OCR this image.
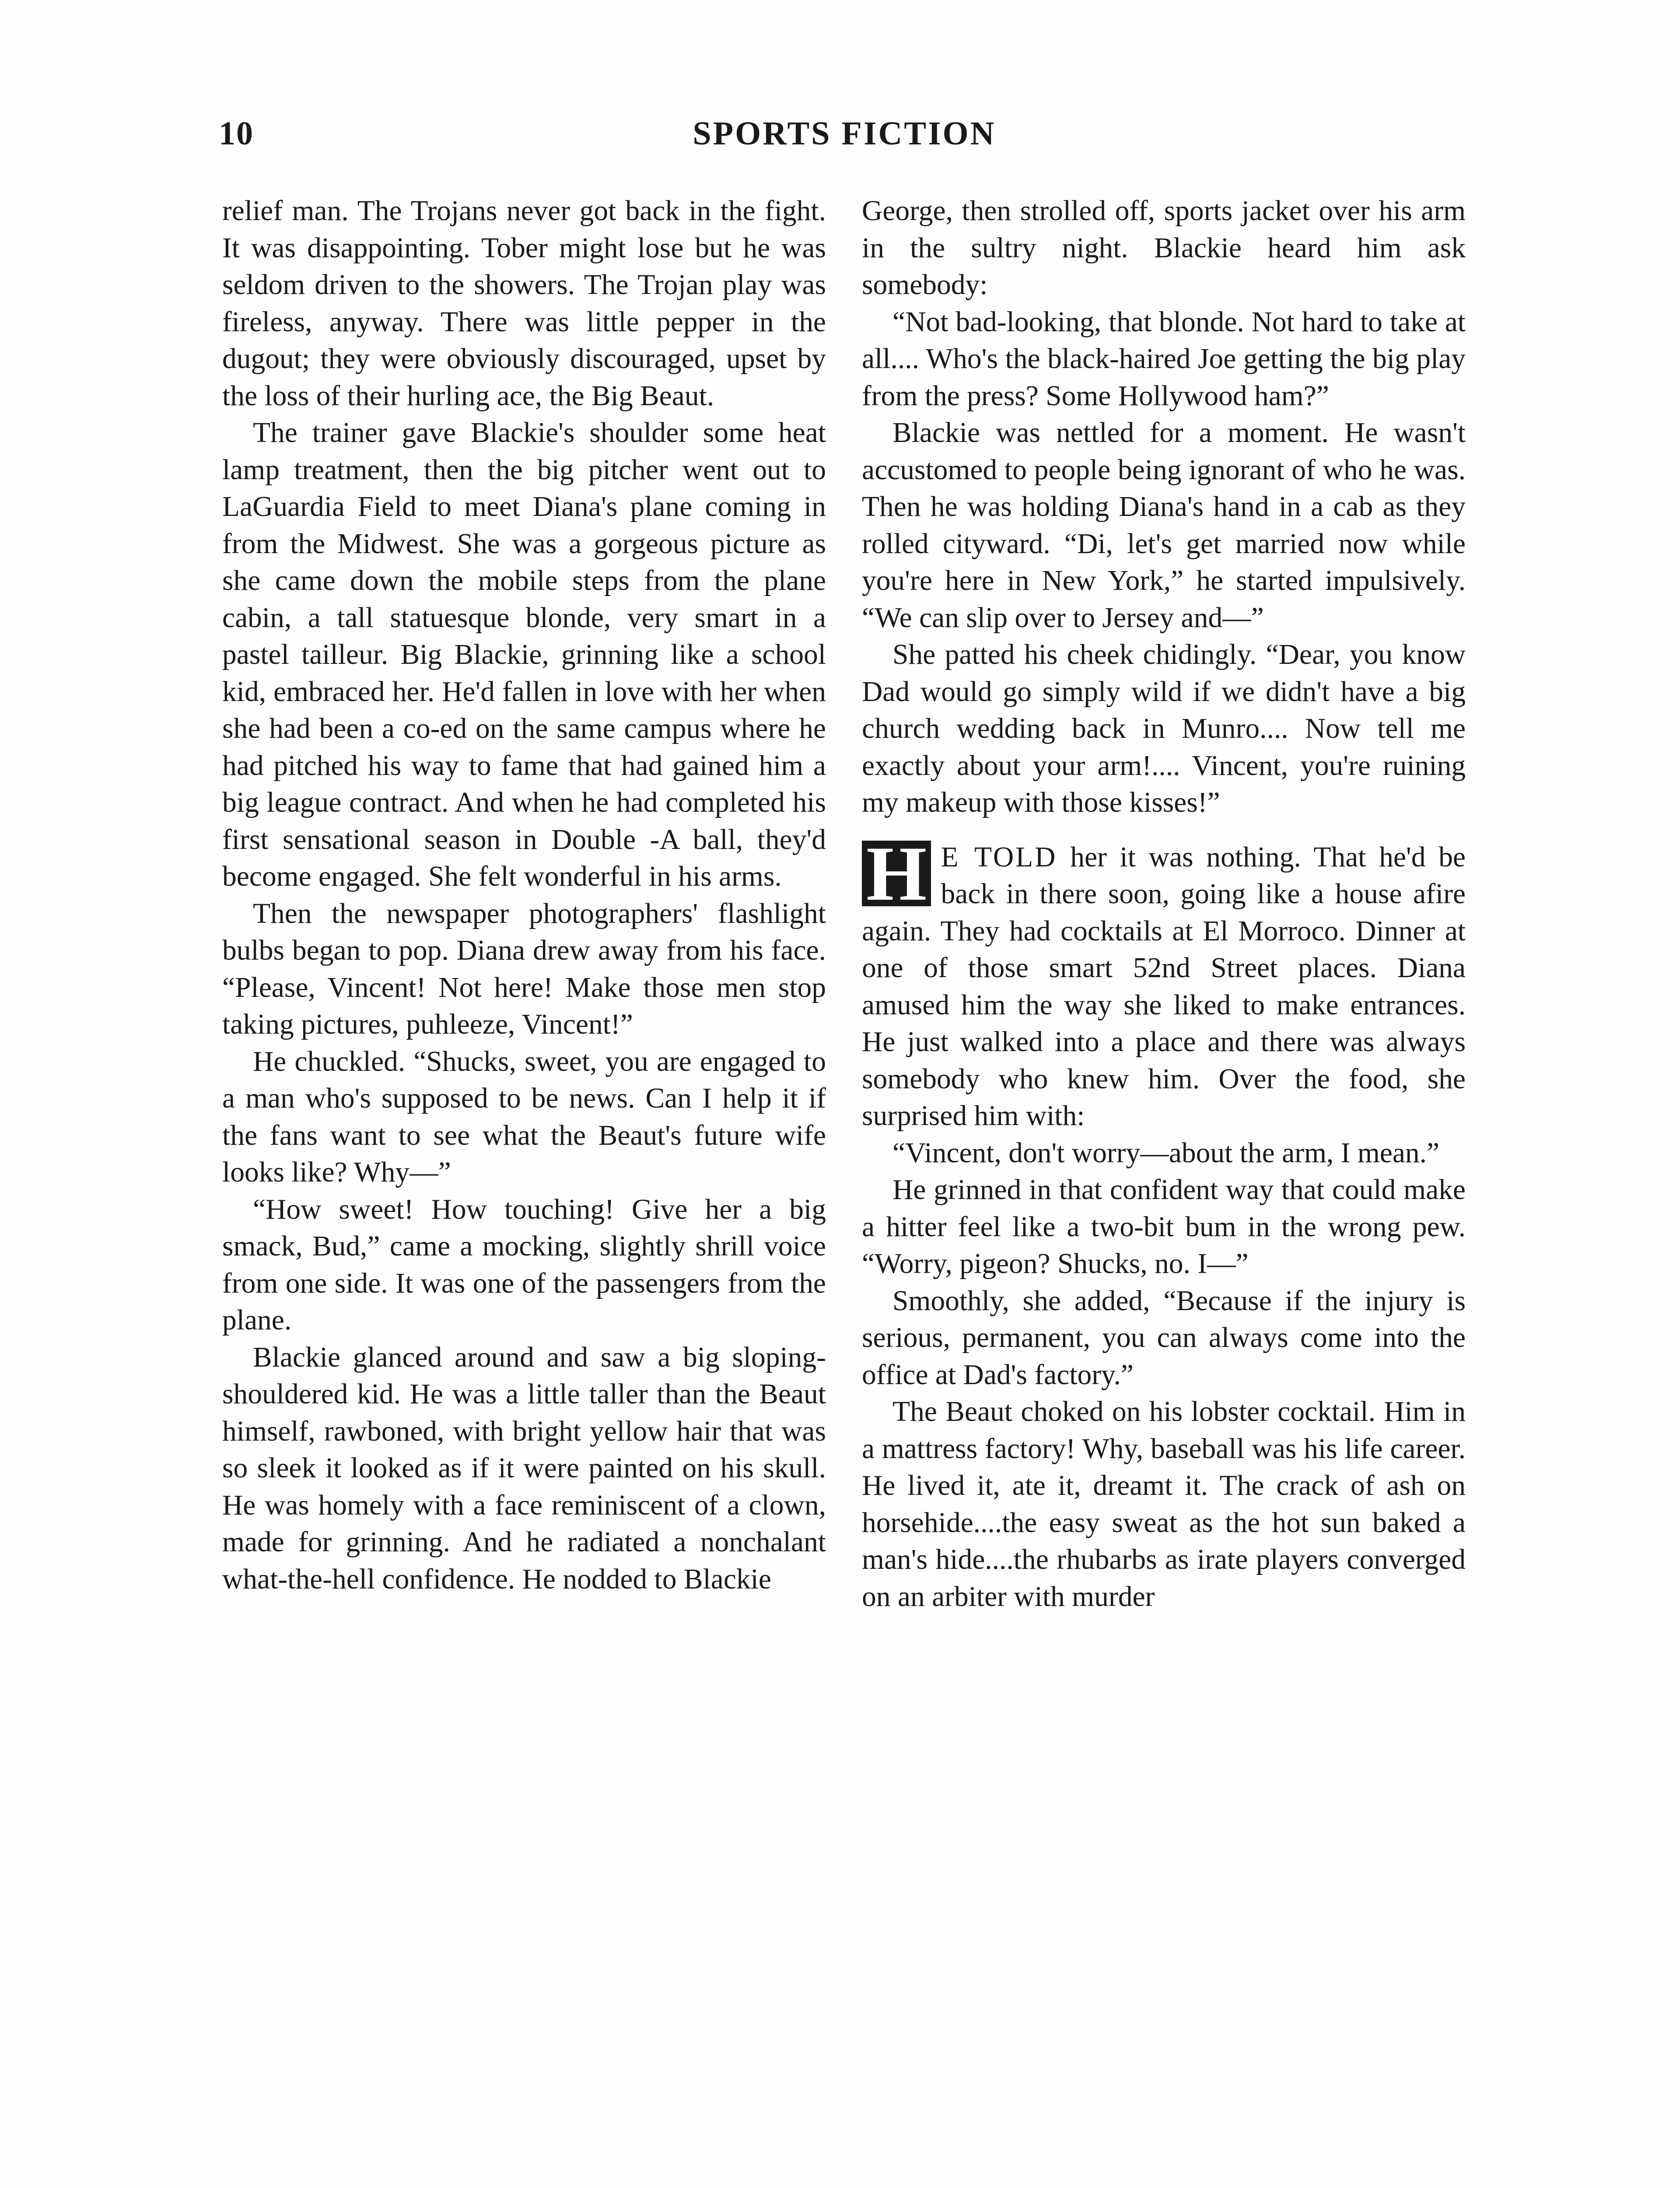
10	SPORTS FICTION

relief man. The Trojans never got back in the fight. It was disappointing. Tober might lose but he was seldom driven to the showers. The Trojan play was fireless, anyway. There was little pepper in the dugout; they were obviously discouraged, upset by the loss of their hurling ace, the Big Beaut.

The trainer gave Blackie's shoulder some heat lamp treatment, then the big pitcher went out to LaGuardia Field to meet Diana's plane coming in from the Midwest. She was a gorgeous picture as she came down the mobile steps from the plane cabin, a tall statuesque blonde, very smart in a pastel tailleur. Big Blackie, grinning like a school kid, embraced her. He'd fallen in love with her when she had been a co-ed on the same campus where he had pitched his way to fame that had gained him a big league contract. And when he had completed his first sensational season in Double -A ball, they'd become engaged. She felt wonderful in his arms.

Then the newspaper photographers' flashlight bulbs began to pop. Diana drew away from his face. “Please, Vincent! Not here! Make those men stop taking pictures, puhleeze, Vincent!”

He chuckled. “Shucks, sweet, you are engaged to a man who's supposed to be news. Can I help it if the fans want to see what the Beaut's future wife looks like? Why—”

“How sweet! How touching! Give her a big smack, Bud,” came a mocking, slightly shrill voice from one side. It was one of the passengers from the plane.

Blackie glanced around and saw a big sloping-shouldered kid. He was a little taller than the Beaut himself, rawboned, with bright yellow hair that was so sleek it looked as if it were painted on his skull. He was homely with a face reminiscent of a clown, made for grinning. And he radiated a nonchalant what-the-hell confidence. He nodded to Blackie

George, then strolled off, sports jacket over his arm in the sultry night. Blackie heard him ask somebody:

“Not bad-looking, that blonde. Not hard to take at all.... Who's the black-haired Joe getting the big play from the press? Some Hollywood ham?”

Blackie was nettled for a moment. He wasn't accustomed to people being ignorant of who he was. Then he was holding Diana's hand in a cab as they rolled cityward. “Di, let's get married now while you're here in New York,” he started impulsively. “We can slip over to Jersey and—”

She patted his cheek chidingly. “Dear, you know Dad would go simply wild if we didn't have a big church wedding back in Munro.... Now tell me exactly about your arm!.... Vincent, you're ruining my makeup with those kisses!”

H E TOLD her it was nothing. That he'd be back in there soon, going like a house afire again. They had cocktails at El Morroco. Dinner at one of those smart 52nd Street places. Diana amused him the way she liked to make entrances. He just walked into a place and there was always somebody who knew him. Over the food, she surprised him with:

“Vincent, don't worry—about the arm, I mean.”

He grinned in that confident way that could make a hitter feel like a two-bit bum in the wrong pew. “Worry, pigeon? Shucks, no. I—”

Smoothly, she added, “Because if the injury is serious, permanent, you can always come into the office at Dad's factory.”

The Beaut choked on his lobster cocktail. Him in a mattress factory! Why, baseball was his life career. He lived it, ate it, dreamt it. The crack of ash on horsehide....the easy sweat as the hot sun baked a man's hide....the rhubarbs as irate players converged on an arbiter with murder
